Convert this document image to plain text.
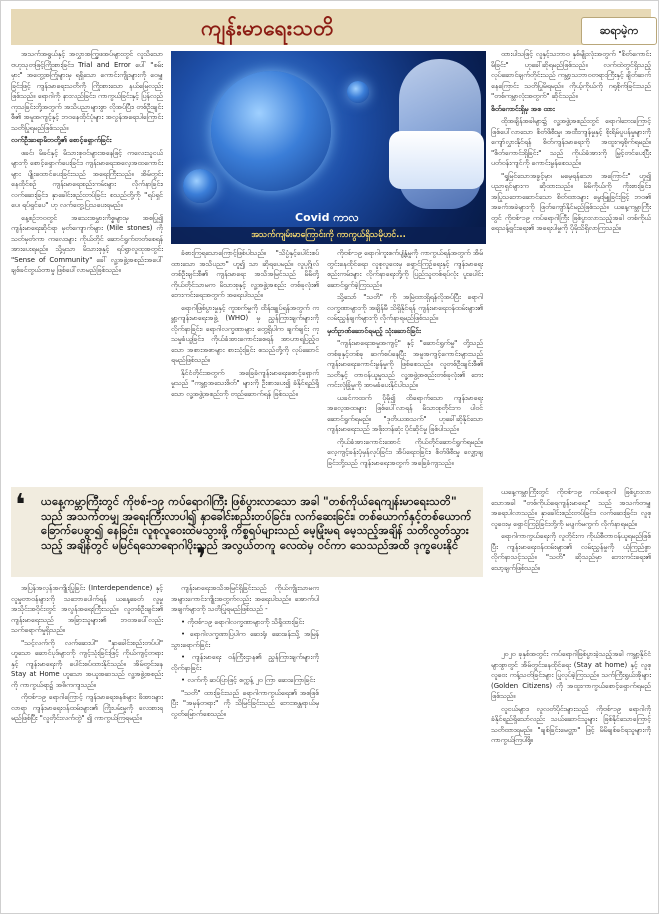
ကျန်းမာရေးသတိ	ဆရာမဲ့ဂာ

အသက်အရွယ်နှင့် အလွှာအကြွှဖအပ်များတွင် လူသိသော ဗဟုသုတဖြင့်ကြိုးစားခြင်း၊ Trial and Error ပေါ် "စမ်းမှား" အတွေ့အကြုံများမှ ရရှိသော ကောင်းကျိုးများကို ဝေမျှခြင်းဖြင့် ကျန်းမာရေးသတိကို ကြိုးစားသော နယ်မြေလည်းဖြစ်သည်။ ရောဂါကို နားလည်ခြင်း၊ ကာကွယ်ခြင်းနှင့် ပြန်လည်ကုသခြင်းတို့အတွက် အသိပညာများစွာ လိုအပ်ပြီး၊ တစ်ဦးချင်းစီ၏ အမူအကျင့်နှင့် ဘဝနေထိုင်ပုံများ အလွန်အရေးပါကြောင်း သတိပြုရမည်ဖြစ်သည်။

လက်ဦးဆရာမိဘတို့၏ စောင့်ရှောက်ခြင်း

ဖခင်၊ မိခင်နှင့် မိသားစုဝင်များအနေဖြင့် ကလေးသူငယ်များကို စောင့်ရှောက်ပေးခြင်း၊ ကျန်းမာရေးအလေ့အထကောင်းများ ပျိုးထောင်ပေးခြင်းသည် အရေးကြီးသည်။ အိမ်တွင်းနေထိုင်စဉ် ကျန်းမာရေးစည်းကမ်းများ လိုက်နာခြင်း၊ လက်ဆေးခြင်း၊ နှာခေါင်းစည်းတပ်ခြင်း စသည်တို့ကို "ရပ်ရှင်ပေ၊ ရပ်ရှင်ပေ" ဟု လက်တွေ့ပြသပေးရမည်။

နေ့စဉ်ဘဝတွင် အသေးအမွှားကိစ္စများမှ အစပြု၍ ကျန်းမာရေးဆိုင်ရာ မှတ်ကျောက်များ (Mile stones) ကို သတ်မှတ်ကာ ကလေးများ ကိုယ်တိုင် ဆောင်ရွက်တတ်စေရန် အားပေးရမည်။ သို့မှသာ မိသားစုနှင့် ရပ်ရွာလူထုအတွင်း "Sense of Community" ခေါ် လူ့အဖွဲ့အစည်းအပေါ် ချစ်ခင်တွယ်တာမှု ဖြစ်ပေါ်လာမည်ဖြစ်သည်။

Covid ကာလ
အသက်ကျမ်းမာကြောင်းကို ကာကွယ်ရှိသမိုဟင်...

ခံစားကြရသောကြောင့်ဖြစ်ပါသည်။ "သိပ္ပံနှင့်ပေါင်းစပ်ထားသော အသိပညာ" ဟူ၍ သာ ဆိုရပေမည်။ လူပုဂ္ဂိုလ်တစ်ဦးချင်းစီ၏ ကျန်းမာရေး အသိအမြင်သည် မိမိတို့ကိုယ်တိုင်သာမက မိသားစုနှင့် လူ့အဖွဲ့အစည်း တစ်ခုလုံး၏ ဘေးကင်းရေးအတွက် အရေးပါသည်။

ရောဂါဖြစ်ပွားမှုနှင့် ကူးစက်မှုကို ထိန်းချုပ်ရန်အတွက် ကမ္ဘာ့ကျန်းမာရေးအဖွဲ့ (WHO) မှ ညွှန်ကြားချက်များကို လိုက်နာခြင်း၊ ရောဂါလက္ခဏာများ တွေ့ရှိပါက ချက်ချင်း ကုသမှုခံယူခြင်း၊ ကိုယ်ခံအားကောင်းစေရန် အာဟာရပြည့်ဝသော အစားအစာများ စားသုံးခြင်း စသည်တို့ကို လုပ်ဆောင်ရမည်ဖြစ်သည်။

နိုင်ငံတိုင်းအတွက် အခြေခံကျန်းမာရေးစောင့်ရှောက်မှုသည် "ကမ္ဘာ့အသေးစိတ်" များကို ဦးစားပေး၍ ခံနိုင်ရည်ရှိသော လူ့အဖွဲ့အစည်းကို တည်ဆောက်ရန် ဖြစ်သည်။

ကိုဗစ်-၁၉ ရောဂါကူးစက်ပျံ့နှံ့မှုကို ကာကွယ်ရန်အတွက် အိမ်တွင်းနေထိုင်ရေး၊ လူစုလူဝေးမှ ရှောင်ကြဉ်ရေးနှင့် ကျန်းမာရေး စည်းကမ်းများ လိုက်နာရေးတို့ကို ပြည်သူတစ်ရပ်လုံး ပူးပေါင်းဆောင်ရွက်ခဲ့ကြသည်။

သို့သော် "သတိ" ကို အမြဲထားရှိရန်လိုအပ်ပြီး ရောဂါလက္ခဏာများကို အချိန်မီ သိရှိနိုင်ရန် ကျန်းမာရေးဝန်ထမ်းများ၏ လမ်းညွှန်ချက်များကို လိုက်နာရမည်ဖြစ်သည်။

မှတ်ဥာဏ်ဆောင်ရမည့် သုံးဆောင်ခြင်း

"ကျန်းမာရေးအမှုအကျင့်" နှင့် "ဆောင်ရွက်မှု" တို့သည် တစ်ခုနှင့်တစ်ခု ဆက်စပ်နေပြီး အမူအကျင့်ကောင်းများသည် ကျန်းမာရေးကောင်းမွန်မှုကို ဖြစ်စေသည်။ လူတစ်ဦးချင်းစီ၏ သတိနှင့် တာဝန်ယူမှုသည် လူ့အဖွဲ့အစည်းတစ်ခုလုံး၏ ဘေးကင်းလုံခြုံမှုကို အာမခံပေးနိုင်ပါသည်။

ယခင်ကထက် ပိုမို၍ ထိရောက်သော ကျန်းမာရေးအလေ့အထများ ဖြစ်ပေါ်လာရန် မိသားစုတိုင်းက ပါဝင်ဆောင်ရွက်ရမည်။ "ဒုတိယအသက်" ဟုခေါ်ဆိုနိုင်သော ကျန်းမာရေးသည် အဖိုးတန်ဆုံး ပိုင်ဆိုင်မှု ဖြစ်ပါသည်။

ကိုယ်ခံအားကောင်းအောင် ကိုယ်တိုင်ဆောင်ရွက်ရမည်။ လေ့ကျင့်ခန်းပုံမှန်လုပ်ခြင်း၊ အိပ်ရေးဝခြင်း၊ စိတ်ဖိစီးမှု လျှော့ချခြင်းတို့သည် ကျန်းမာရေးအတွက် အခြေခံကျသည်။

ထားပါသဖြင့် လူနှင့်သဘာဝ နှစ်မျိုးလုံးအတွက် "စိတ်ကောင်းမိခြင်း" ဟုခေါ်ဆိုရမည်ဖြစ်သည်။ လက်ထဲတွင်ရှိသည့် လုပ်ဆောင်ချက်တိုင်းသည် ကမ္ဘာ့သဘာဝတရားကြီးနှင့် ချိတ်ဆက်နေကြောင်း သတိပြုမိရမည်။ ကိုယ့်ကိုယ်ကို ဂရုစိုက်ခြင်းသည် "တစ်ကမ္ဘာလုံးအတွက်" ဆိုင်သည်။

စိတ်ကောင်းရှိမှ အစ ထား

ထိုအချိန်အခါများ၌ လူ့အဖွဲ့အစည်းတွင် ရောဂါဘေးကြောင့် ဖြစ်ပေါ်လာသော စိတ်ဖိစီးမှု၊ အထီးကျန်မှုနှင့် စိုးရိမ်ပူပန်မှုများကို ကျော်လွှားနိုင်ရန် စိတ်ကျန်းမာရေးကို အထူးဂရုစိုက်ရမည်။ "စိတ်ကောင်းရှိခြင်း" သည် ကိုယ်ခံအားကို မြှင့်တင်ပေးပြီး ပတ်ဝန်းကျင်ကို ကောင်းမွန်စေသည်။

"ရှုမြင်သောအခွင့်မှာ၊ မမေ့ရန်သော အကြောင်း" ဟူ၍ ပညာရှင်များက ဆိုထားသည်။ မိမိကိုယ်ကို ကိုးစားခြင်း၊ အပြုသဘောဆောင်သော စိတ်ထားများ မွေးမြူခြင်းဖြင့် ဘဝ၏ အခက်အခဲများကို ဖြတ်ကျော်နိုင်မည်ဖြစ်သည်။ ယနေ့ကမ္ဘာကြီးတွင် ကိုဗစ်-၁၉ ကပ်ရောဂါကြီး ဖြစ်ပွားလာသည့်အခါ တစ်ကိုယ်ရေသန့်ရှင်းရေး၏ အရေးပါမှုကို ပိုမိုသိရှိလာကြသည်။

❛ ယနေ့ကမ္ဘာကြီးတွင် ကိုဗစ်-၁၉ ကပ်ရောဂါကြီး ဖြစ်ပွားလာသော အခါ "တစ်ကိုယ်ရေကျန်းမာရေးသတိ" သည် အသက်တမျှ အရေးကြီးလာပါ၍ နှာခေါင်းစည်းတပ်ခြင်း၊ လက်ဆေးခြင်း၊ တစ်ယောက်နှင့်တစ်ယောက် ခြောက်ပေခွာ၍ နေခြင်း၊ လူစုလူဝေးထဲမသွားဖို့ ကိစ္စရပ်များသည် မေ့မြုံးမရ မေ့သည့်အချိန် သတိလွတ်သွားသည့် အချိန်တွင် မမြင်ရသောရောဂါပိုးသည် အလွယ်တကူ လေထဲမှ ဝင်ကာ သေသည်အထိ ဒုက္ခပေးနိုင်
❜

ယနေ့ကမ္ဘာကြီးတွင် ကိုဗစ်-၁၉ ကပ်ရောဂါ ဖြစ်ပွားလာသောအခါ "တစ်ကိုယ်ရေကျန်းမာရေး" သည် အသက်တမျှ အရေးပါလာသည်။ နှာခေါင်းစည်းတပ်ခြင်း၊ လက်ဆေးခြင်း၊ လူစုလူဝေးမှ ရှောင်ကြဉ်ခြင်းတို့ကို မပျက်မကွက် လိုက်နာရမည်။

ရောဂါကာကွယ်ရေးကို လူတိုင်းက ကိုယ်စီတာဝန်ယူရမည်ဖြစ်ပြီး ကျန်းမာရေးဝန်ထမ်းများ၏ လမ်းညွှန်မှုကို ယုံကြည်စွာ လိုက်နာသင့်သည်။ "သတိ" ဆိုသည်မှာ ဘေးကင်းရေး၏ သော့ချက်ဖြစ်သည်။

အပြန်အလှန်အကျိုးပြုခြင်း (Interdependence) နှင့် လူမှုတာဝန်များကို သဘောပေါက်ရန် ယနေ့ခေတ် လူမှုအသိုင်းအဝိုင်းတွင် အလွန်အရေးကြီးသည်။ လူတစ်ဦးချင်း၏ ကျန်းမာရေးသည် အခြားသူများ၏ ဘဝအပေါ်လည်း သက်ရောက်မှုရှိသည်။

"သင့်လက်ကို လက်ဆေးပါ" "နှာခေါင်းစည်းတပ်ပါ" ဟူသော ဆောင်ပုဒ်များကို ကျင့်သုံးခြင်းဖြင့် ကိုယ်ကျင့်တရားနှင့် ကျန်းမာရေးကို ပေါင်းစပ်ထားနိုင်သည်။ အိမ်တွင်းနေ Stay at Home ဟူသော အယူအဆသည် လူ့အဖွဲ့အစည်း ကို ကာကွယ်ရာ၌ အဓိကကျသည်။

ကိုဗစ်-၁၉ ရောဂါကြောင့် ကျန်းမာရေးစနစ်များ ဖိအားများလာရာ ကျန်းမာရေးဝန်ထမ်းများ၏ ကြိုးပမ်းမှုကို လေးစားရမည်ဖြစ်ပြီး "လူတိုင်းလက်တွဲ" ၍ ကာကွယ်ကြရမည်။

ကျန်းမာရေးအသိအမြင်ရှိခြင်းသည် ကိုယ်ကျိုးသာမက အများကောင်းကျိုးအတွက်လည်း အရေးပါသည်။ အောက်ပါအချက်များကို သတိပြုရမည်ဖြစ်သည် -

• ကိုဗစ်-၁၉ ရောဂါလက္ခဏာများကို သိရှိထားခြင်း

• ရောဂါလက္ခဏာပြပါက ဆေးရုံ၊ ဆေးခန်းသို့ အမြန်သွားရောက်ခြင်း

• ကျန်းမာရေး ဝန်ကြီးဌာန၏ ညွှန်ကြားချက်များကို လိုက်နာခြင်း

• လက်ကို ဆပ်ပြာဖြင့် စက္ကန့် ၂၀ ကြာ ဆေးကြောခြင်း

"သတိ" ထားခြင်းသည် ရောဂါကာကွယ်ရေး၏ အစဖြစ်ပြီး "အမှန်တရား" ကို သိမြင်ခြင်းသည် ဘေးအန္တရာယ်မှ လွတ်မြောက်စေသည်။

၂၀၂၀ ခုနှစ်အတွင်း ကပ်ရောဂါဖြစ်ပွားခဲ့သည့်အခါ ကမ္ဘာ့နိုင်ငံများစွာတွင် အိမ်တွင်းနေထိုင်ရေး (Stay at home) နှင့် လူစုလူဝေး ကန့်သတ်ခြင်းများ ပြုလုပ်ခဲ့ကြသည်။ သက်ကြီးရွယ်အိုများ (Golden Citizens) ကို အထူးကာကွယ်စောင့်ရှောက်ရမည်ဖြစ်သည်။

လူငယ်များ၊ လူလတ်ပိုင်းများသည် ကိုဗစ်-၁၉ ရောဂါကို ခံနိုင်ရည်ရှိသော်လည်း သယ်ဆောင်သူများ ဖြစ်နိုင်သောကြောင့် သတိထားရမည်။ "ချစ်ခြင်းမေတ္တာ" ဖြင့် မိမိချစ်ခင်ရသူများကို ကာကွယ်ကြပါစို့။
